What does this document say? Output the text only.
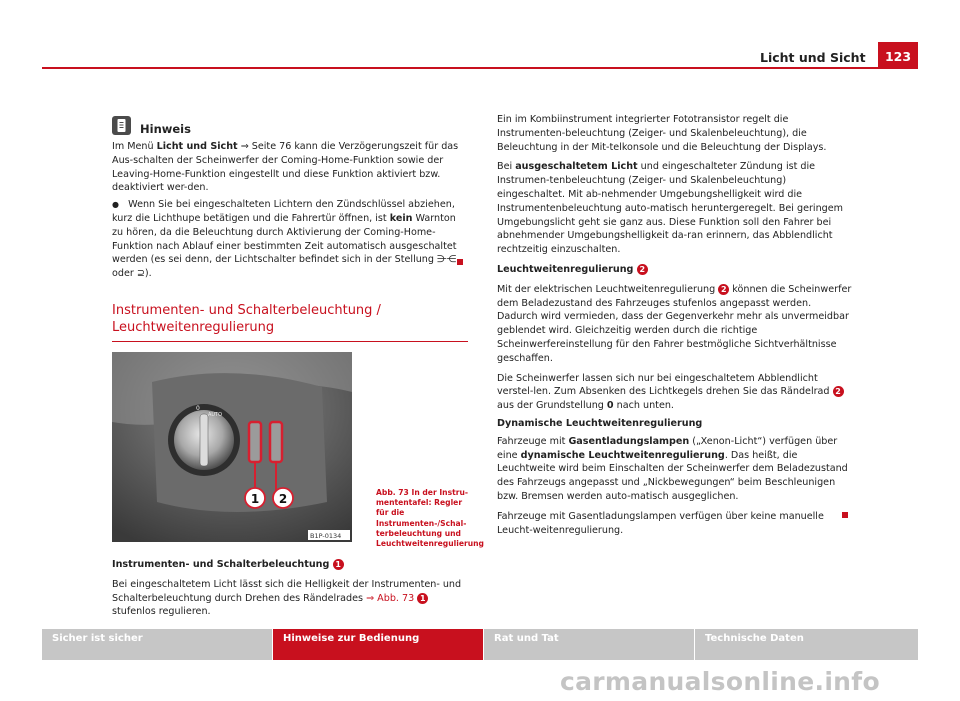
Licht und Sicht	123
Hinweis

Im Menü Licht und Sicht ⇒ Seite 76 kann die Verzögerungszeit für das Aus-schalten der Scheinwerfer der Coming-Home-Funktion sowie der Leaving-Home-Funktion eingestellt und diese Funktion aktiviert bzw. deaktiviert wer-den.

● Wenn Sie bei eingeschalteten Lichtern den Zündschlüssel abziehen, kurz die Lichthupe betätigen und die Fahrertür öffnen, ist kein Warnton zu hören, da die Beleuchtung durch Aktivierung der Coming-Home-Funktion nach Ablauf einer bestimmten Zeit automatisch ausgeschaltet werden (es sei denn, der Lichtschalter befindet sich in der Stellung ⋺⋲ oder ⊇).

Instrumenten- und Schalterbeleuchtung / Leuchtweitenregulierung
0
AUTO
1 2
B1P-0134
Abb. 73 In der Instru-mententafel: Regler für die Instrumenten-/Schal-terbeleuchtung und Leuchtweitenregulierung

Instrumenten- und Schalterbeleuchtung 1

Bei eingeschaltetem Licht lässt sich die Helligkeit der Instrumenten- und Schalterbeleuchtung durch Drehen des Rändelrades ⇒ Abb. 73 1 stufenlos regulieren.

Ein im Kombiinstrument integrierter Fototransistor regelt die Instrumenten-beleuchtung (Zeiger- und Skalenbeleuchtung), die Beleuchtung in der Mit-telkonsole und die Beleuchtung der Displays.

Bei ausgeschaltetem Licht und eingeschalteter Zündung ist die Instrumen-tenbeleuchtung (Zeiger- und Skalenbeleuchtung) eingeschaltet. Mit ab-nehmender Umgebungshelligkeit wird die Instrumentenbeleuchtung auto-matisch heruntergeregelt. Bei geringem Umgebungslicht geht sie ganz aus. Diese Funktion soll den Fahrer bei abnehmender Umgebungshelligkeit da-ran erinnern, das Abblendlicht rechtzeitig einzuschalten.

Leuchtweitenregulierung 2

Mit der elektrischen Leuchtweitenregulierung 2 können die Scheinwerfer dem Beladezustand des Fahrzeuges stufenlos angepasst werden. Dadurch wird vermieden, dass der Gegenverkehr mehr als unvermeidbar geblendet wird. Gleichzeitig werden durch die richtige Scheinwerfereinstellung für den Fahrer bestmögliche Sichtverhältnisse geschaffen.

Die Scheinwerfer lassen sich nur bei eingeschaltetem Abblendlicht verstel-len. Zum Absenken des Lichtkegels drehen Sie das Rändelrad 2 aus der Grundstellung 0 nach unten.

Dynamische Leuchtweitenregulierung

Fahrzeuge mit Gasentladungslampen („Xenon-Licht“) verfügen über eine dynamische Leuchtweitenregulierung. Das heißt, die Leuchtweite wird beim Einschalten der Scheinwerfer dem Beladezustand des Fahrzeugs angepasst und „Nickbewegungen“ beim Beschleunigen bzw. Bremsen werden auto-matisch ausgeglichen.

Fahrzeuge mit Gasentladungslampen verfügen über keine manuelle Leucht-weitenregulierung.

Sicher ist sicher	Hinweise zur Bedienung	Rat und Tat	Technische Daten
carmanualsonline.info
